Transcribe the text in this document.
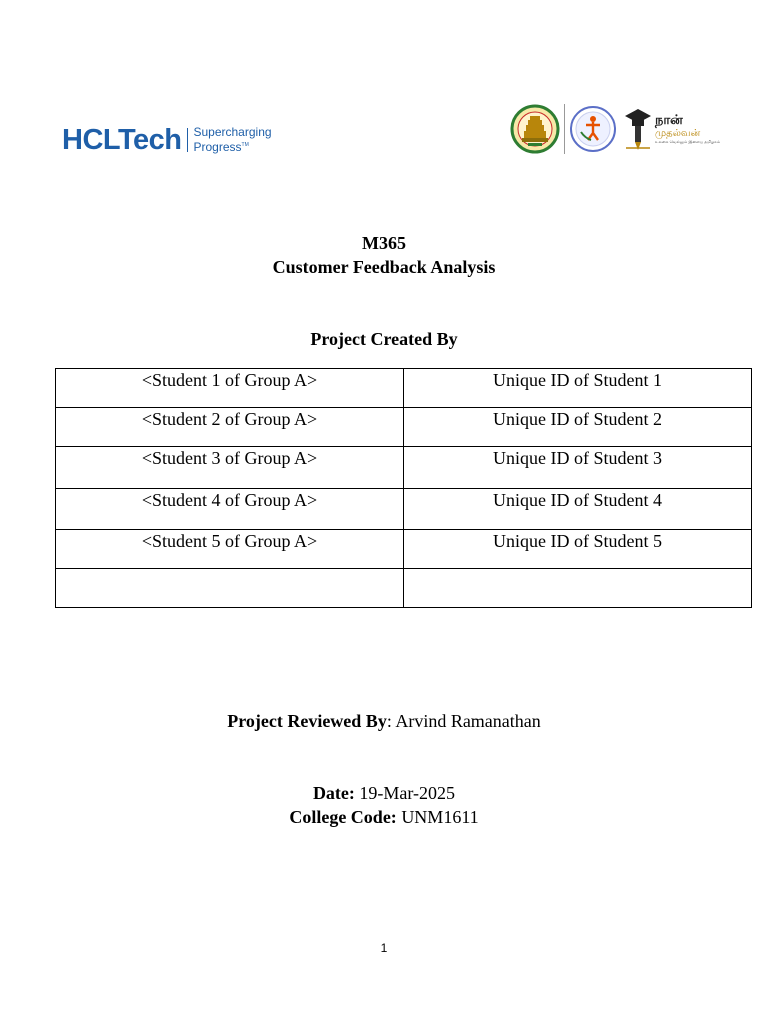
HCLTech Supercharging
Progress™
நான்
முதல்வன்
உலகை வெல்லும் இளைய தமிழகம்
M365
Customer Feedback Analysis
Project Created By
<Student 1 of Group A>	Unique ID of Student 1
<Student 2 of Group A>	Unique ID of Student 2
<Student 3 of Group A>	Unique ID of Student 3
<Student 4 of Group A>	Unique ID of Student 4
<Student 5 of Group A>	Unique ID of Student 5

Project Reviewed By: Arvind Ramanathan
Date: 19-Mar-2025
College Code: UNM1611
1
